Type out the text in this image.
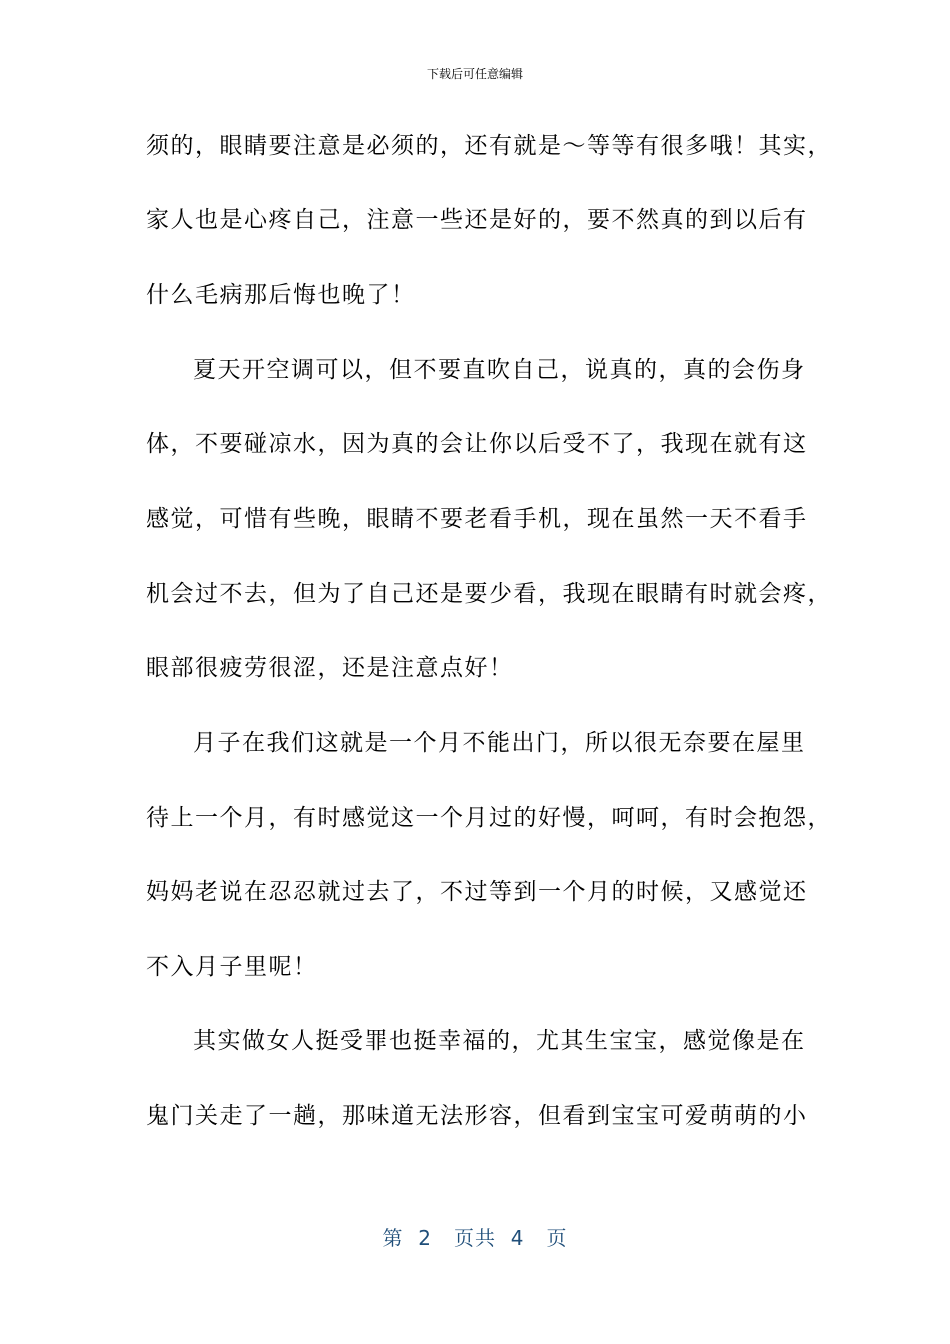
下载后可任意编辑
须的，眼睛要注意是必须的，还有就是～等等有很多哦！其实，
家人也是心疼自己，注意一些还是好的，要不然真的到以后有
什么毛病那后悔也晚了！
夏天开空调可以，但不要直吹自己，说真的，真的会伤身
体，不要碰凉水，因为真的会让你以后受不了，我现在就有这
感觉，可惜有些晚，眼睛不要老看手机，现在虽然一天不看手
机会过不去，但为了自己还是要少看，我现在眼睛有时就会疼，
眼部很疲劳很涩，还是注意点好！
月子在我们这就是一个月不能出门，所以很无奈要在屋里
待上一个月，有时感觉这一个月过的好慢，呵呵，有时会抱怨，
妈妈老说在忍忍就过去了，不过等到一个月的时候，又感觉还
不入月子里呢！
其实做女人挺受罪也挺幸福的，尤其生宝宝，感觉像是在
鬼门关走了一趟，那味道无法形容，但看到宝宝可爱萌萌的小
第  2   页共  4   页
